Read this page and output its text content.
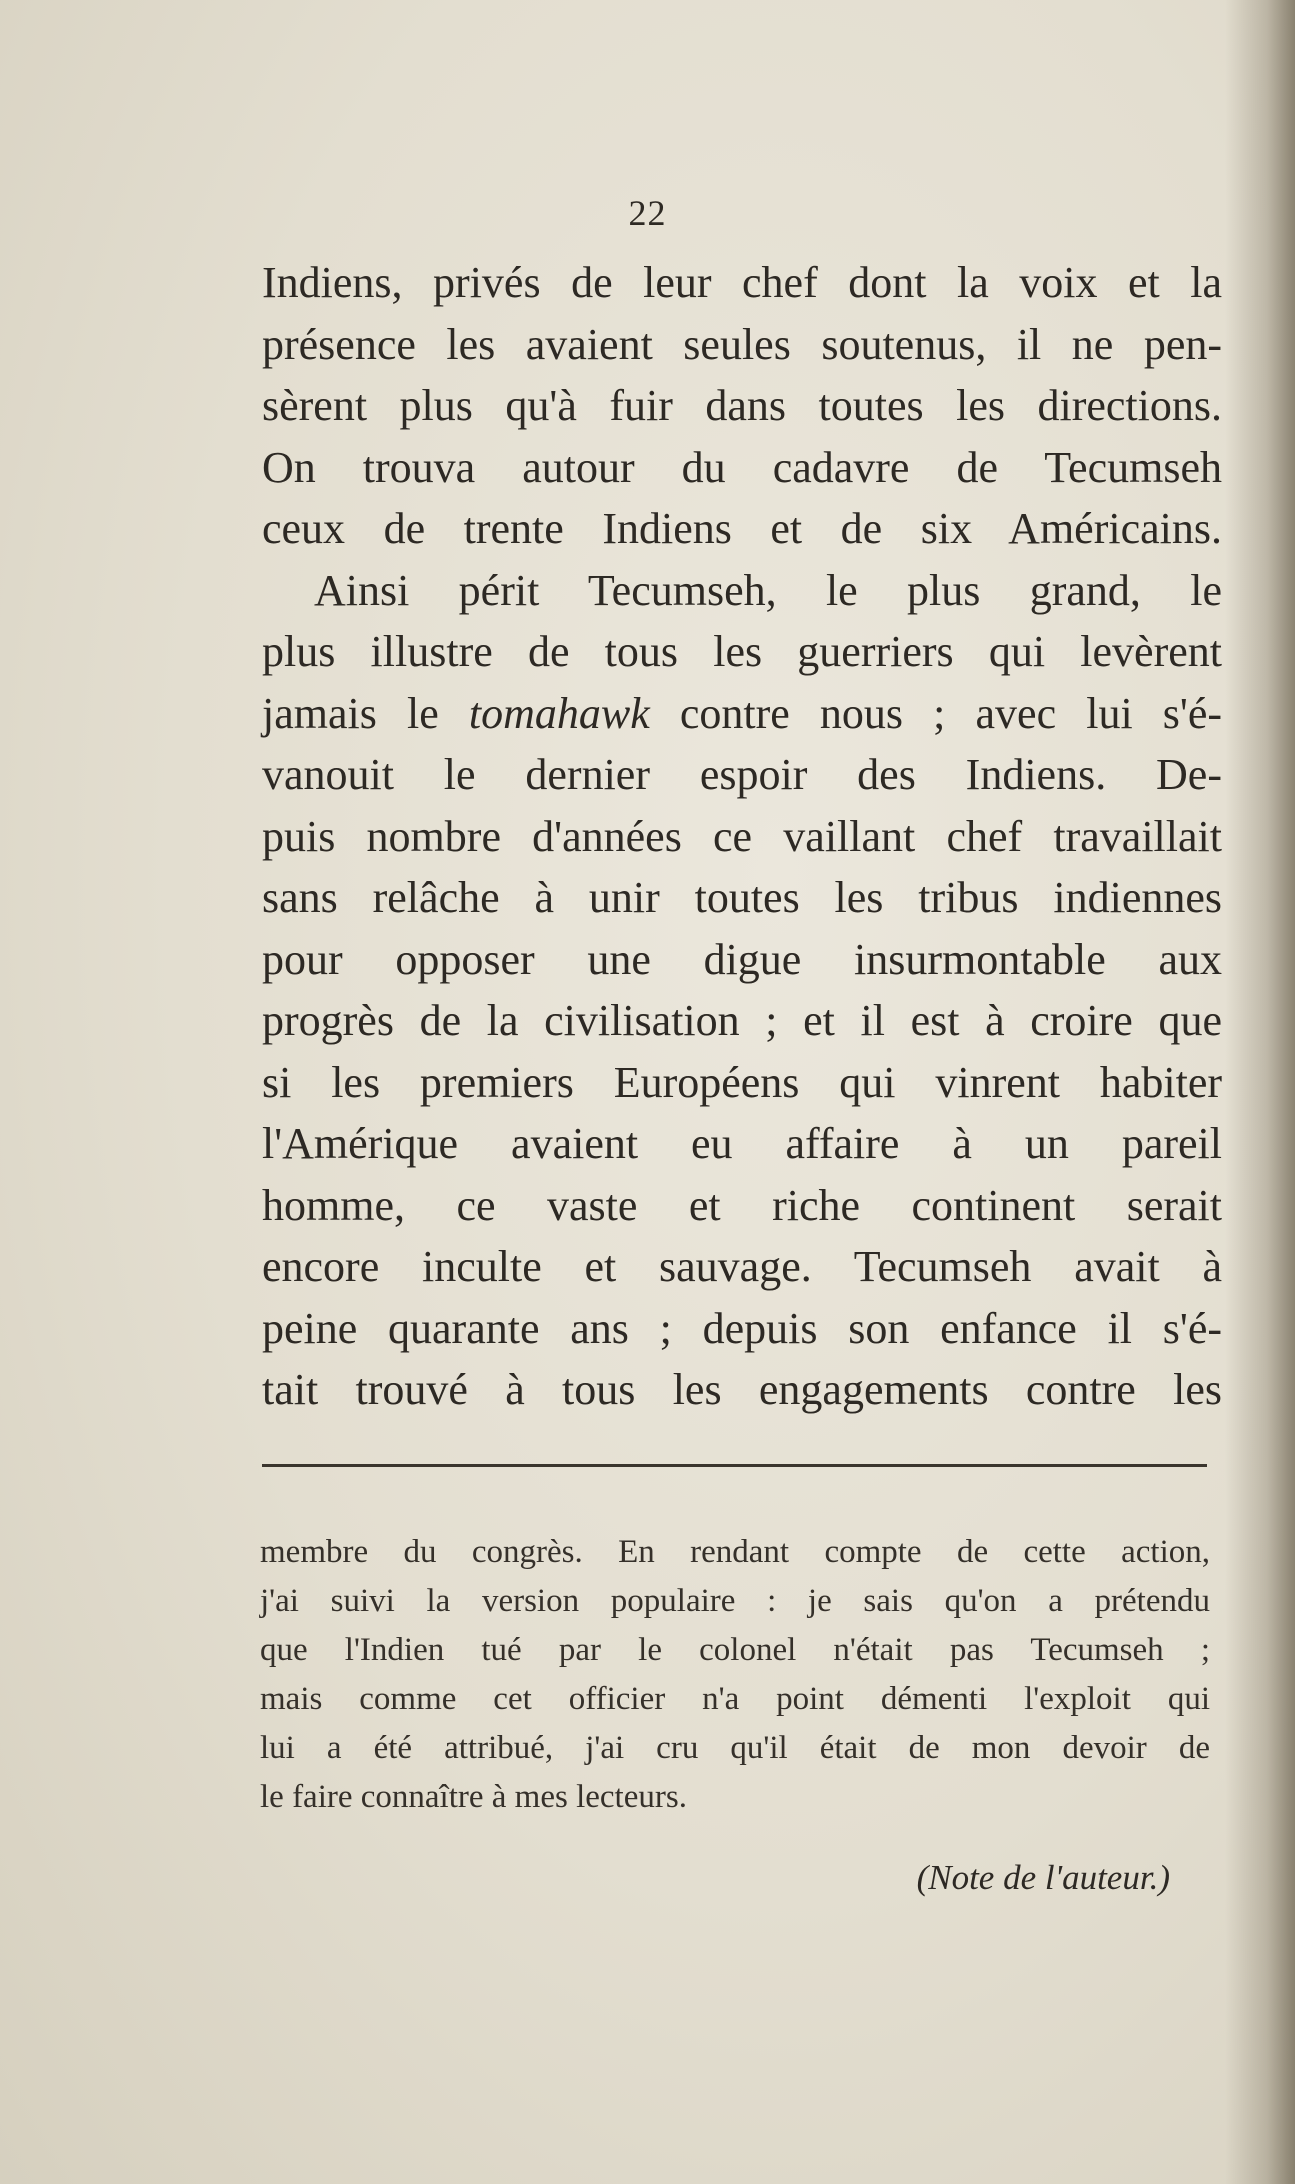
22
Indiens, privés de leur chef dont la voix et la
présence les avaient seules soutenus, il ne pen-
sèrent plus qu'à fuir dans toutes les directions.
On trouva autour du cadavre de Tecumseh
ceux de trente Indiens et de six Américains.
Ainsi périt Tecumseh, le plus grand, le
plus illustre de tous les guerriers qui levèrent
jamais le tomahawk contre nous ; avec lui s'é-
vanouit le dernier espoir des Indiens. De-
puis nombre d'années ce vaillant chef travaillait
sans relâche à unir toutes les tribus indiennes
pour opposer une digue insurmontable aux
progrès de la civilisation ; et il est à croire que
si les premiers Européens qui vinrent habiter
l'Amérique avaient eu affaire à un pareil
homme, ce vaste et riche continent serait
encore inculte et sauvage. Tecumseh avait à
peine quarante ans ; depuis son enfance il s'é-
tait trouvé à tous les engagements contre les
membre du congrès. En rendant compte de cette action,
j'ai suivi la version populaire : je sais qu'on a prétendu
que l'Indien tué par le colonel n'était pas Tecumseh ;
mais comme cet officier n'a point démenti l'exploit qui
lui a été attribué, j'ai cru qu'il était de mon devoir de
le faire connaître à mes lecteurs.
(Note de l'auteur.)
